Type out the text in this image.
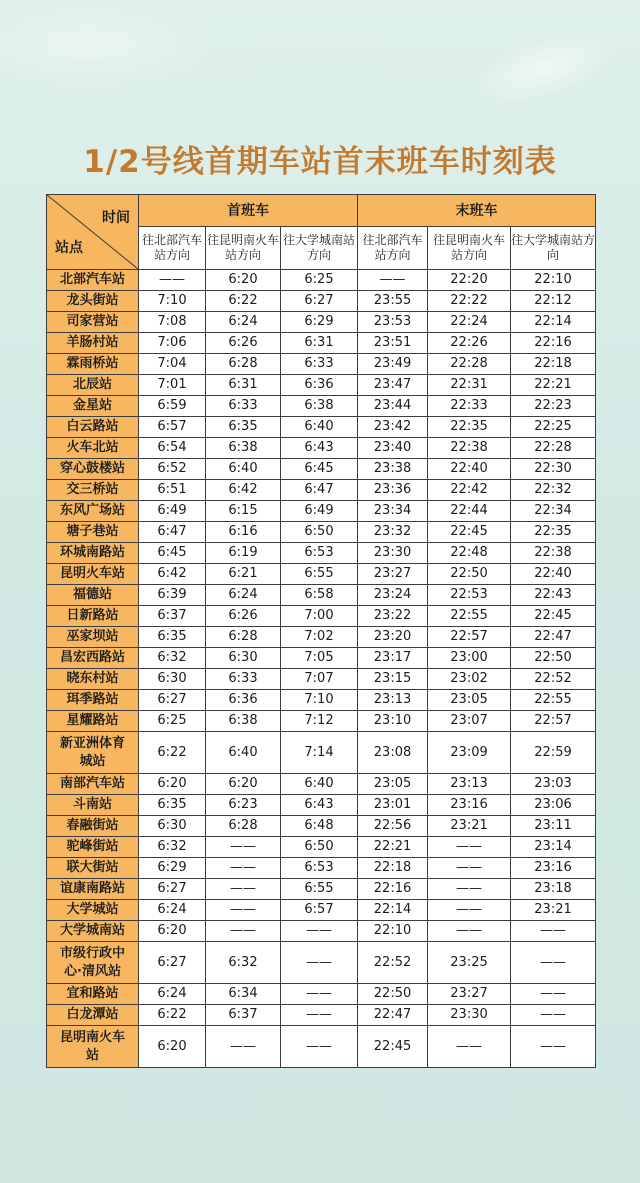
1/2号线首期车站首末班车时刻表
时间
站点	首班车			末班车		
	往北部汽车站方向	往昆明南火车站方向	往大学城南站方向	往北部汽车站方向	往昆明南火车站方向	往大学城南站方向
北部汽车站	——	6:20	6:25	——	22:20	22:10
龙头街站	7:10	6:22	6:27	23:55	22:22	22:12
司家营站	7:08	6:24	6:29	23:53	22:24	22:14
羊肠村站	7:06	6:26	6:31	23:51	22:26	22:16
霖雨桥站	7:04	6:28	6:33	23:49	22:28	22:18
北辰站	7:01	6:31	6:36	23:47	22:31	22:21
金星站	6:59	6:33	6:38	23:44	22:33	22:23
白云路站	6:57	6:35	6:40	23:42	22:35	22:25
火车北站	6:54	6:38	6:43	23:40	22:38	22:28
穿心鼓楼站	6:52	6:40	6:45	23:38	22:40	22:30
交三桥站	6:51	6:42	6:47	23:36	22:42	22:32
东风广场站	6:49	6:15	6:49	23:34	22:44	22:34
塘子巷站	6:47	6:16	6:50	23:32	22:45	22:35
环城南路站	6:45	6:19	6:53	23:30	22:48	22:38
昆明火车站	6:42	6:21	6:55	23:27	22:50	22:40
福德站	6:39	6:24	6:58	23:24	22:53	22:43
日新路站	6:37	6:26	7:00	23:22	22:55	22:45
巫家坝站	6:35	6:28	7:02	23:20	22:57	22:47
昌宏西路站	6:32	6:30	7:05	23:17	23:00	22:50
晓东村站	6:30	6:33	7:07	23:15	23:02	22:52
珥季路站	6:27	6:36	7:10	23:13	23:05	22:55
星耀路站	6:25	6:38	7:12	23:10	23:07	22:57
新亚洲体育城站	6:22	6:40	7:14	23:08	23:09	22:59
南部汽车站	6:20	6:20	6:40	23:05	23:13	23:03
斗南站	6:35	6:23	6:43	23:01	23:16	23:06
春融街站	6:30	6:28	6:48	22:56	23:21	23:11
驼峰街站	6:32	——	6:50	22:21	——	23:14
联大街站	6:29	——	6:53	22:18	——	23:16
谊康南路站	6:27	——	6:55	22:16	——	23:18
大学城站	6:24	——	6:57	22:14	——	23:21
大学城南站	6:20	——	——	22:10	——	——
市级行政中心·清风站	6:27	6:32	——	22:52	23:25	——
宜和路站	6:24	6:34	——	22:50	23:27	——
白龙潭站	6:22	6:37	——	22:47	23:30	——
昆明南火车站	6:20	——	——	22:45	——	——
